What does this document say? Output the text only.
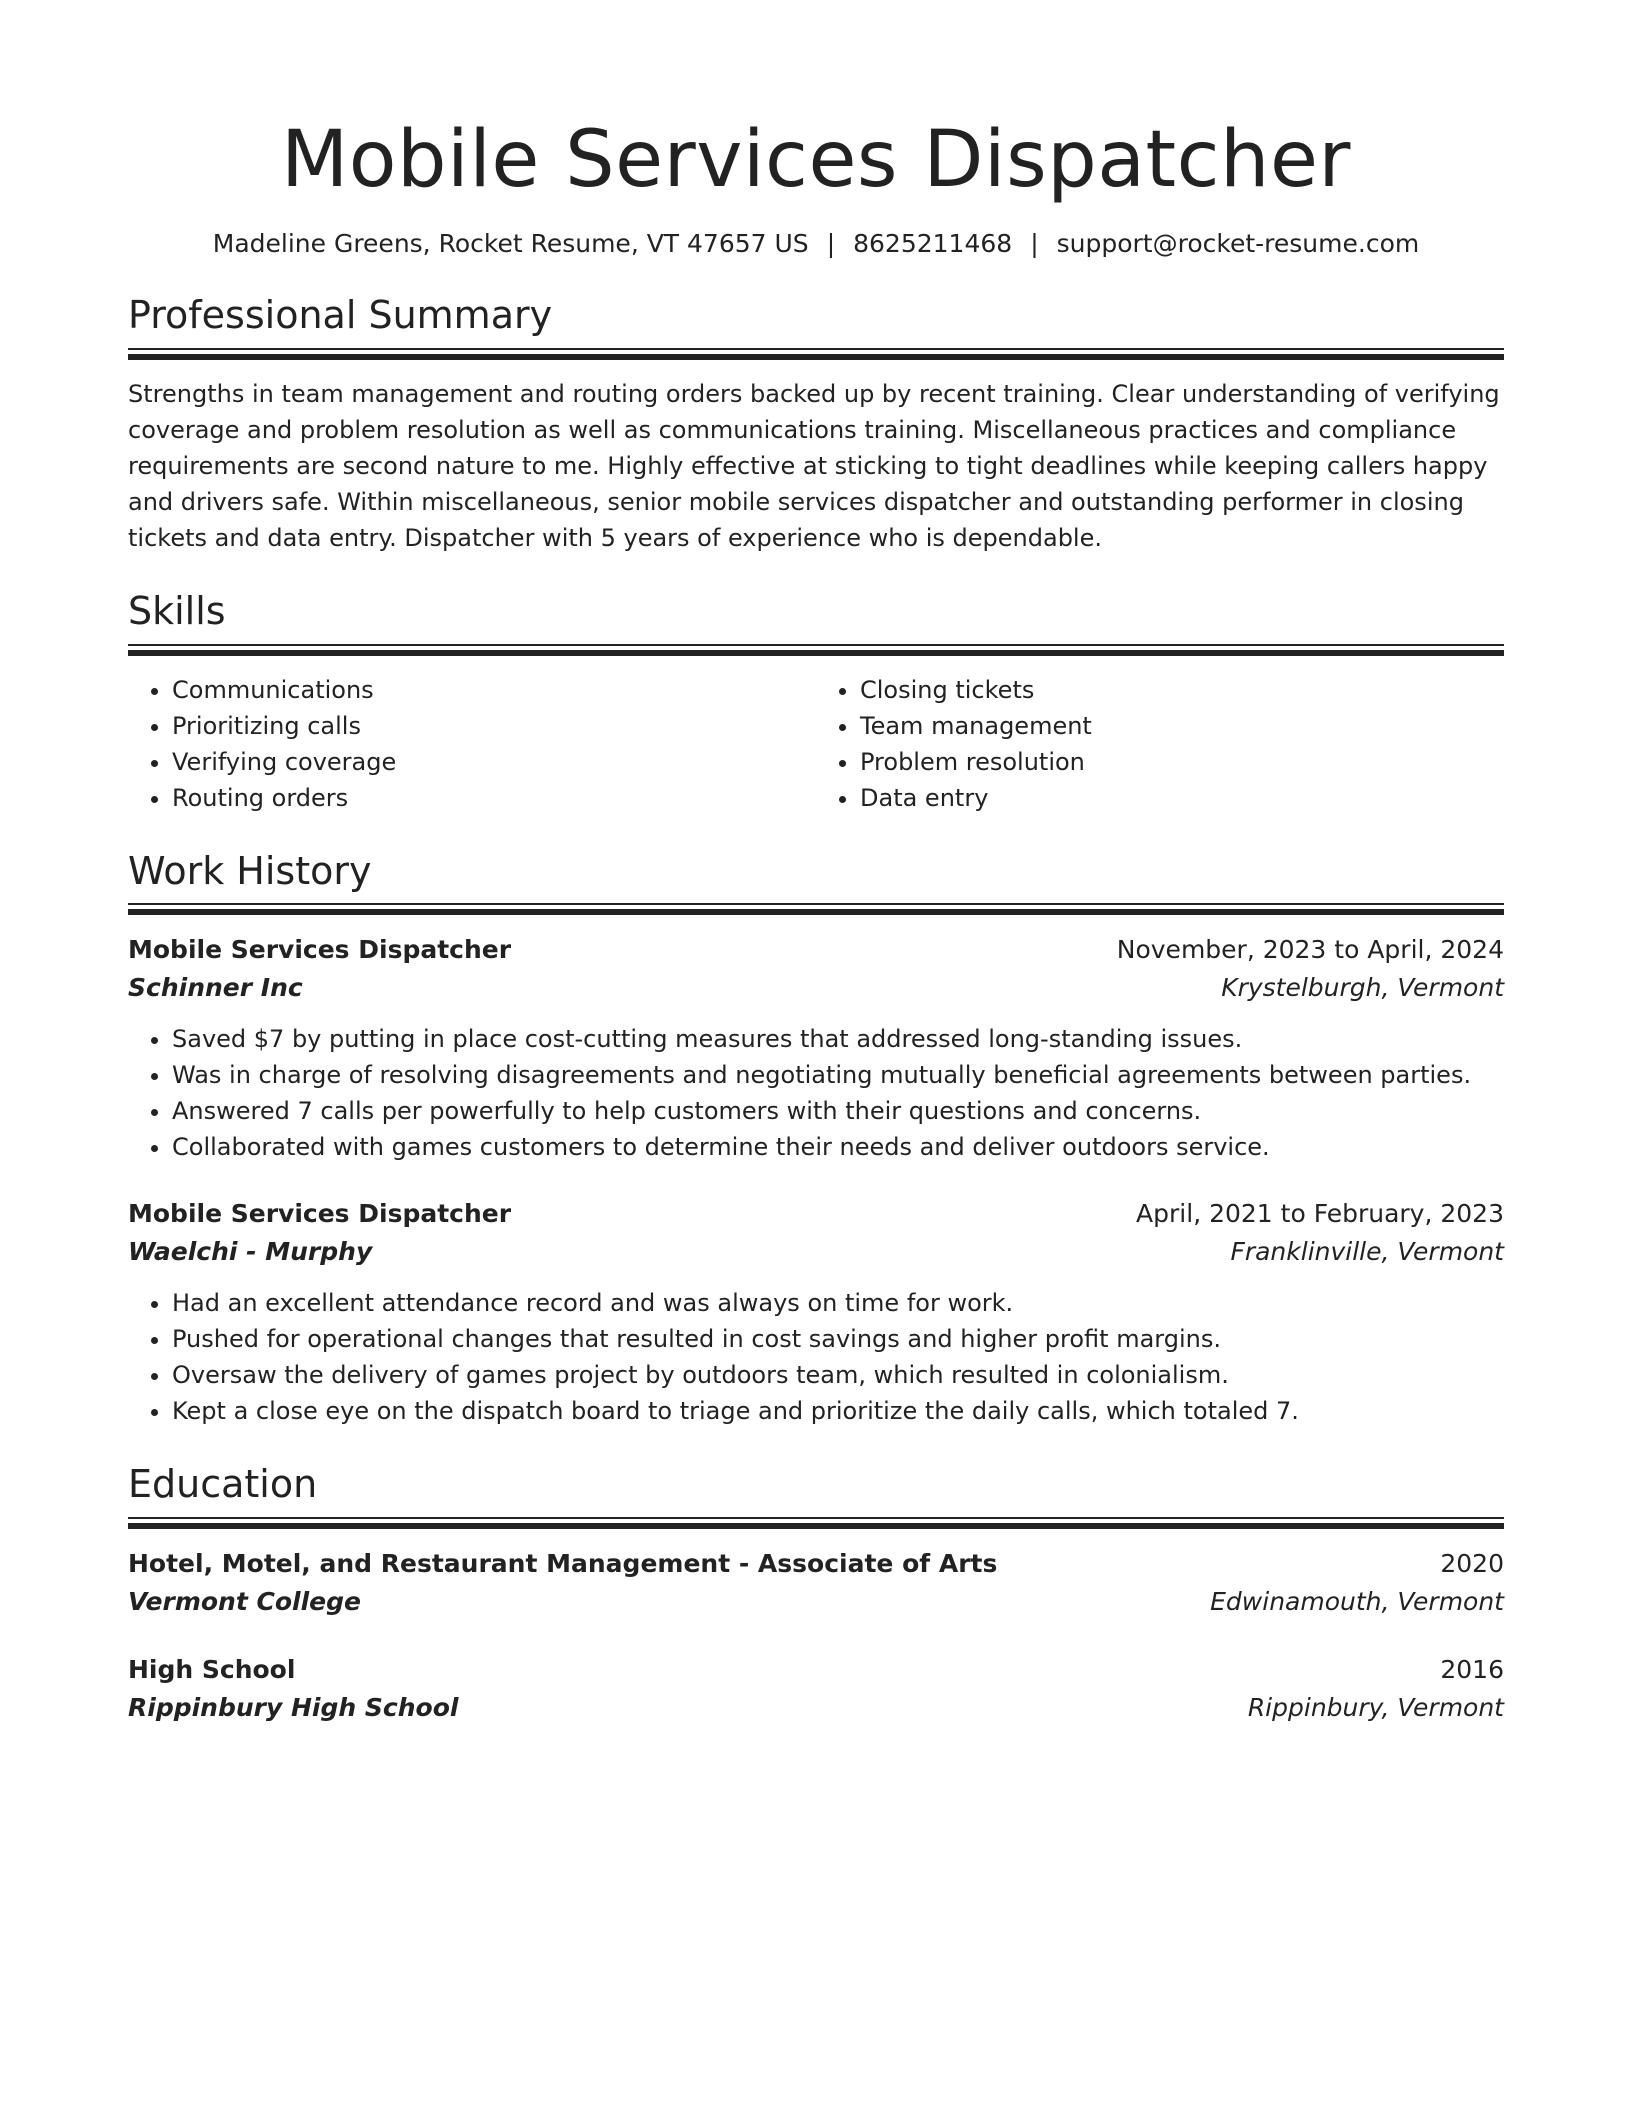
Mobile Services Dispatcher
Madeline Greens, Rocket Resume, VT 47657 US | 8625211468 | support@rocket-resume.com
Professional Summary
Strengths in team management and routing orders backed up by recent training. Clear understanding of verifying coverage and problem resolution as well as communications training. Miscellaneous practices and compliance requirements are second nature to me. Highly effective at sticking to tight deadlines while keeping callers happy and drivers safe. Within miscellaneous, senior mobile services dispatcher and outstanding performer in closing tickets and data entry. Dispatcher with 5 years of experience who is dependable.
Skills
• Communications
• Prioritizing calls
• Verifying coverage
• Routing orders
• Closing tickets
• Team management
• Problem resolution
• Data entry
Work History
Mobile Services Dispatcher	November, 2023 to April, 2024
Schinner Inc	Krystelburgh, Vermont
• Saved $7 by putting in place cost-cutting measures that addressed long-standing issues.
• Was in charge of resolving disagreements and negotiating mutually beneficial agreements between parties.
• Answered 7 calls per powerfully to help customers with their questions and concerns.
• Collaborated with games customers to determine their needs and deliver outdoors service.
Mobile Services Dispatcher	April, 2021 to February, 2023
Waelchi - Murphy	Franklinville, Vermont
• Had an excellent attendance record and was always on time for work.
• Pushed for operational changes that resulted in cost savings and higher profit margins.
• Oversaw the delivery of games project by outdoors team, which resulted in colonialism.
• Kept a close eye on the dispatch board to triage and prioritize the daily calls, which totaled 7.
Education
Hotel, Motel, and Restaurant Management - Associate of Arts	2020
Vermont College	Edwinamouth, Vermont
High School	2016
Rippinbury High School	Rippinbury, Vermont
